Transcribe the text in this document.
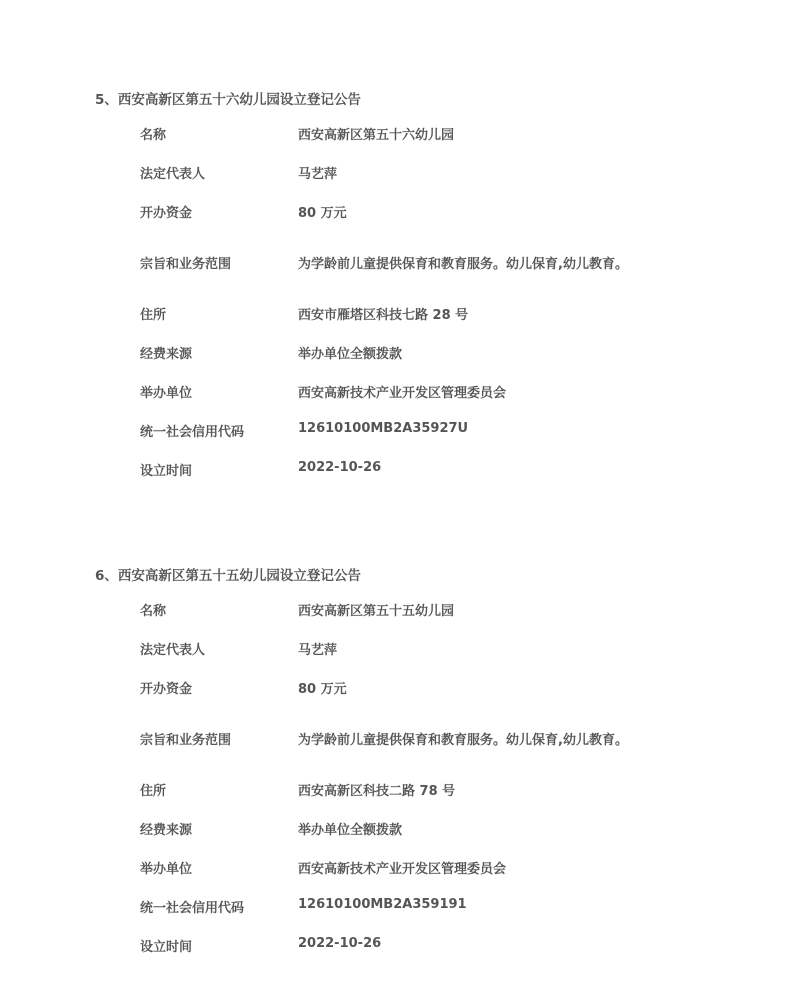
5、西安高新区第五十六幼儿园设立登记公告
名称	西安高新区第五十六幼儿园
法定代表人	马艺萍
开办资金	80 万元
宗旨和业务范围	为学龄前儿童提供保育和教育服务。幼儿保育,幼儿教育。
住所	西安市雁塔区科技七路 28 号
经费来源	举办单位全额拨款
举办单位	西安高新技术产业开发区管理委员会
统一社会信用代码	12610100MB2A35927U
设立时间	2022-10-26
6、西安高新区第五十五幼儿园设立登记公告
名称	西安高新区第五十五幼儿园
法定代表人	马艺萍
开办资金	80 万元
宗旨和业务范围	为学龄前儿童提供保育和教育服务。幼儿保育,幼儿教育。
住所	西安高新区科技二路 78 号
经费来源	举办单位全额拨款
举办单位	西安高新技术产业开发区管理委员会
统一社会信用代码	12610100MB2A359191
设立时间	2022-10-26
